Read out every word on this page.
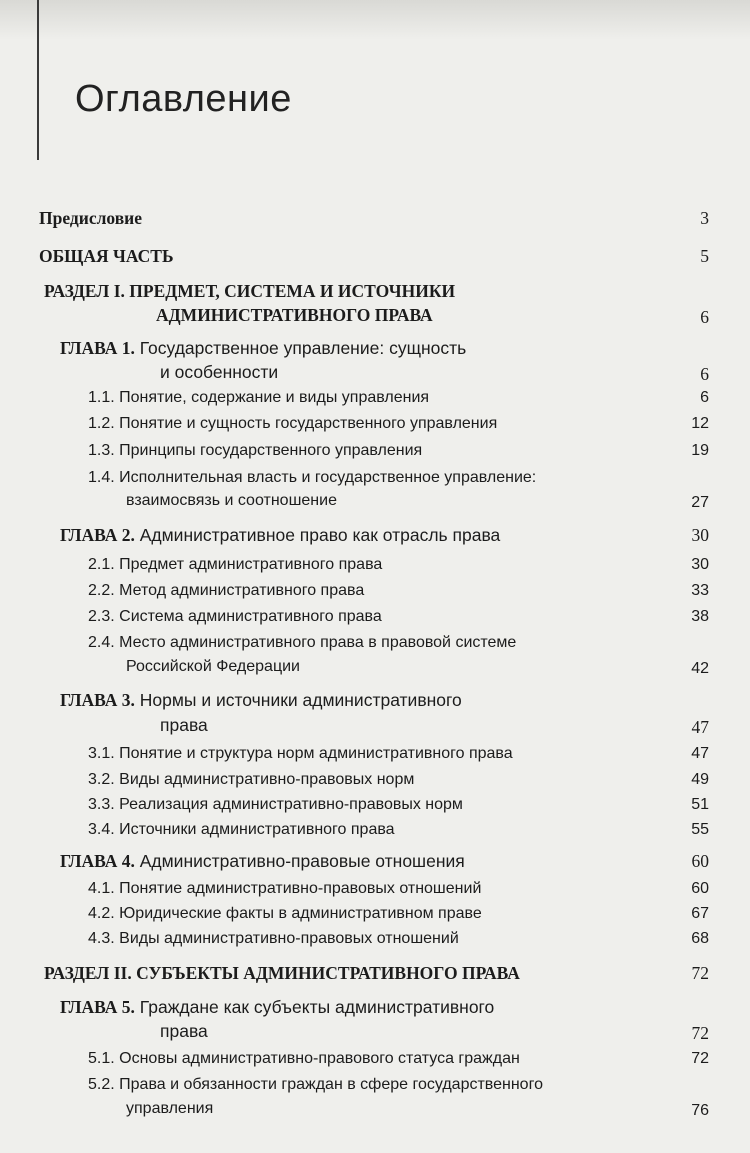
Оглавление
Предисловие	3
ОБЩАЯ ЧАСТЬ	5
РАЗДЕЛ I. ПРЕДМЕТ, СИСТЕМА И ИСТОЧНИКИ
АДМИНИСТРАТИВНОГО ПРАВА	6
ГЛАВА 1. Государственное управление: сущность
и особенности	6
1.1. Понятие, содержание и виды управления	6
1.2. Понятие и сущность государственного управления	12
1.3. Принципы государственного управления	19
1.4. Исполнительная власть и государственное управление:
взаимосвязь и соотношение	27
ГЛАВА 2. Административное право как отрасль права	30
2.1. Предмет административного права	30
2.2. Метод административного права	33
2.3. Система административного права	38
2.4. Место административного права в правовой системе
Российской Федерации	42
ГЛАВА 3. Нормы и источники административного
права	47
3.1. Понятие и структура норм административного права	47
3.2. Виды административно-правовых норм	49
3.3. Реализация административно-правовых норм	51
3.4. Источники административного права	55
ГЛАВА 4. Административно-правовые отношения	60
4.1. Понятие административно-правовых отношений	60
4.2. Юридические факты в административном праве	67
4.3. Виды административно-правовых отношений	68
РАЗДЕЛ II. СУБЪЕКТЫ АДМИНИСТРАТИВНОГО ПРАВА	72
ГЛАВА 5. Граждане как субъекты административного
права	72
5.1. Основы административно-правового статуса граждан	72
5.2. Права и обязанности граждан в сфере государственного
управления	76
